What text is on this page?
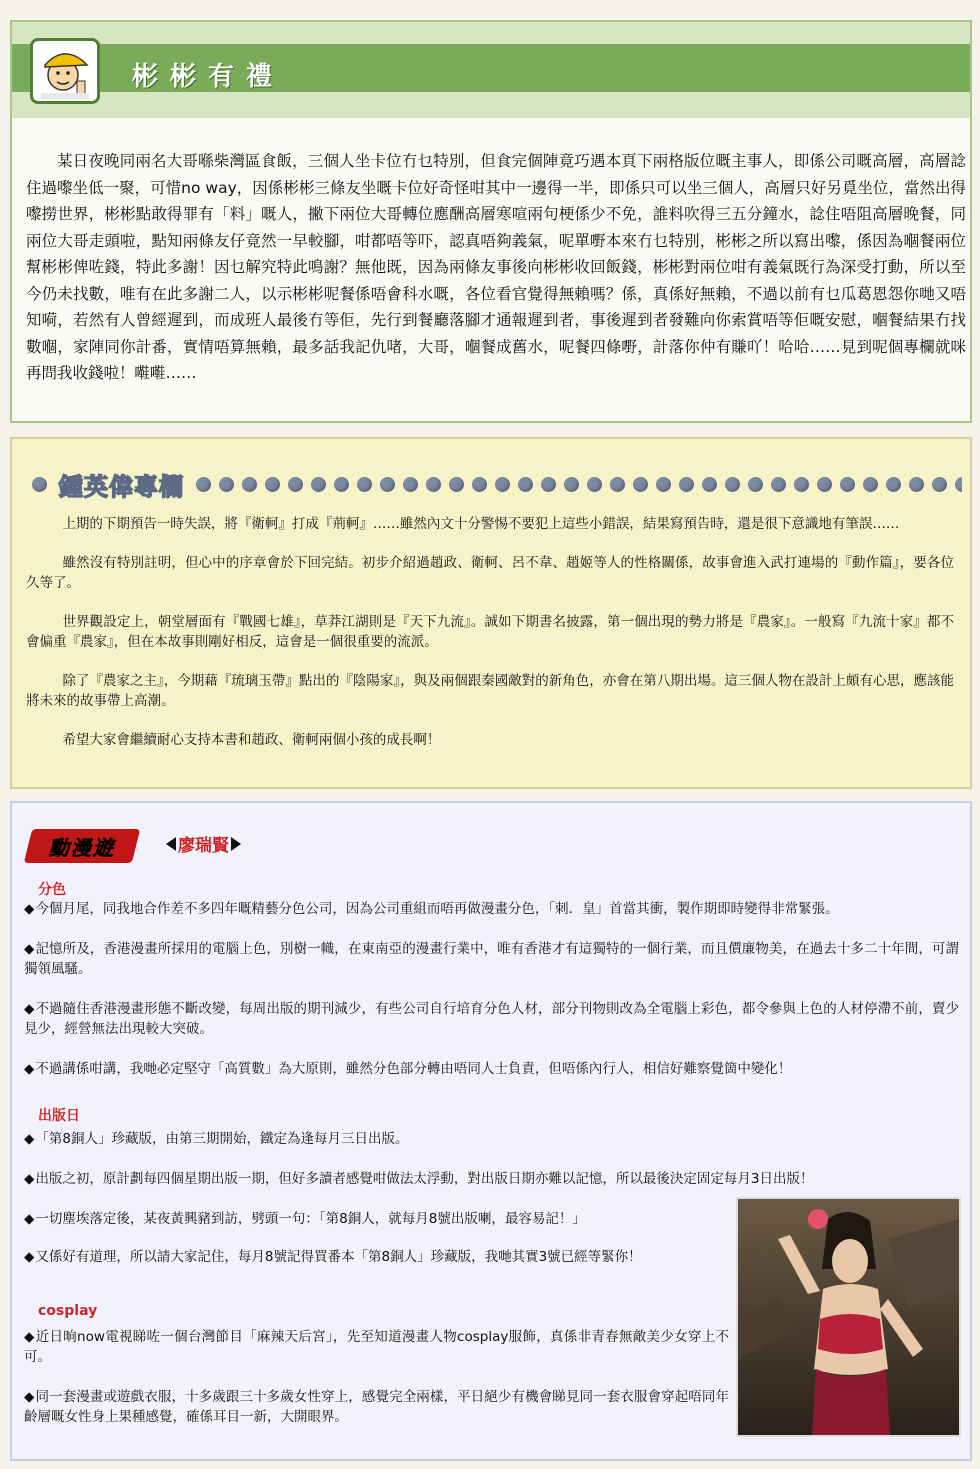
彬彬有禮
某日夜晚同兩名大哥喺柴灣區食飯，三個人坐卡位冇乜特別，但食完個陣竟巧遇本頁下兩格版位嘅主事人，即係公司嘅高層，高層諗住過嚟坐低一聚，可惜no way，因係彬彬三條友坐嘅卡位好奇怪咁其中一邊得一半，即係只可以坐三個人，高層只好另覓坐位，當然出得嚟撈世界，彬彬點敢得罪有「料」嘅人，撇下兩位大哥轉位應酬高層寒喧兩句梗係少不免，誰料吹得三五分鐘水，諗住唔阻高層晚餐，同兩位大哥走頭啦，點知兩條友仔竟然一早較腳，咁都唔等吓，認真唔夠義氣，呢單嘢本來冇乜特別，彬彬之所以寫出嚟，係因為嗰餐兩位幫彬彬俾咗錢，特此多謝！因乜解究特此鳴謝？無他既，因為兩條友事後向彬彬收回飯錢，彬彬對兩位咁有義氣既行為深受打動，所以至今仍未找數，唯有在此多謝二人，以示彬彬呢餐係唔會科水嘅，各位看官覺得無賴嗎？係，真係好無賴，不過以前有乜瓜葛恩怨你哋又唔知嗬，若然有人曾經遲到，而成班人最後冇等佢，先行到餐廳落腳才通報遲到者，事後遲到者發難向你索賞唔等佢嘅安慰，嗰餐結果冇找數嗰，家陣同你計番，實情唔算無賴，最多話我記仇啫，大哥，嗰餐成舊水，呢餐四條嘢，計落你仲有賺吖！哈哈……見到呢個專欄就咪再問我收錢啦！嚡嚡……
鍾英偉專欄

上期的下期預告一時失誤，將『衛軻』打成『荊軻』……雖然內文十分警惕不要犯上這些小錯誤，結果寫預告時，還是很下意識地有筆誤……

雖然沒有特別註明，但心中的序章會於下回完結。初步介紹過趙政、衛軻、呂不韋、趙姬等人的性格關係，故事會進入武打連場的『動作篇』，要各位久等了。

世界觀設定上，朝堂層面有『戰國七雄』，草莽江湖則是『天下九流』。誠如下期書名披露，第一個出現的勢力將是『農家』。一般寫『九流十家』都不會偏重『農家』，但在本故事則剛好相反，這會是一個很重要的流派。

除了『農家之主』，今期藉『琉璃玉帶』點出的『陰陽家』，與及兩個跟秦國敵對的新角色，亦會在第八期出場。這三個人物在設計上頗有心思，應該能將未來的故事帶上高潮。

希望大家會繼續耐心支持本書和趙政、衛軻兩個小孩的成長啊！

動漫遊	廖瑞賢
分色
◆今個月尾，同我地合作差不多四年嘅精藝分色公司，因為公司重組而唔再做漫畫分色，「刺．皇」首當其衝，製作期即時變得非常緊張。
◆記憶所及，香港漫畫所採用的電腦上色，別樹一幟，在東南亞的漫畫行業中，唯有香港才有這獨特的一個行業，而且價廉物美，在過去十多二十年間，可謂獨領風騷。
◆不過隨住香港漫畫形態不斷改變，每周出版的期刊減少，有些公司自行培育分色人材，部分刊物則改為全電腦上彩色，都令參與上色的人材停滯不前，賣少見少，經營無法出現較大突破。
◆不過講係咁講，我哋必定堅守「高質數」為大原則，雖然分色部分轉由唔同人士負責，但唔係內行人，相信好難察覺箇中變化！
出版日
◆「第8銅人」珍藏版，由第三期開始，鐵定為逢每月三日出版。
◆出版之初，原計劃每四個星期出版一期，但好多讀者感覺咁做法太浮動，對出版日期亦難以記憶，所以最後決定固定每月3日出版！
◆一切塵埃落定後，某夜黃興豬到訪，劈頭一句：「第8銅人，就每月8號出版喇，最容易記！」
◆又係好有道理，所以請大家記住，每月8號記得買番本「第8銅人」珍藏版，我哋其實3號已經等緊你！
cosplay
◆近日晌now電視睇咗一個台灣節目「麻辣天后宮」，先至知道漫畫人物cosplay服飾，真係非青春無敵美少女穿上不可。
◆同一套漫畫或遊戲衣服，十多歲跟三十多歲女性穿上，感覺完全兩樣，平日絕少有機會睇見同一套衣服會穿起唔同年齡層嘅女性身上果種感覺，確係耳目一新，大開眼界。
